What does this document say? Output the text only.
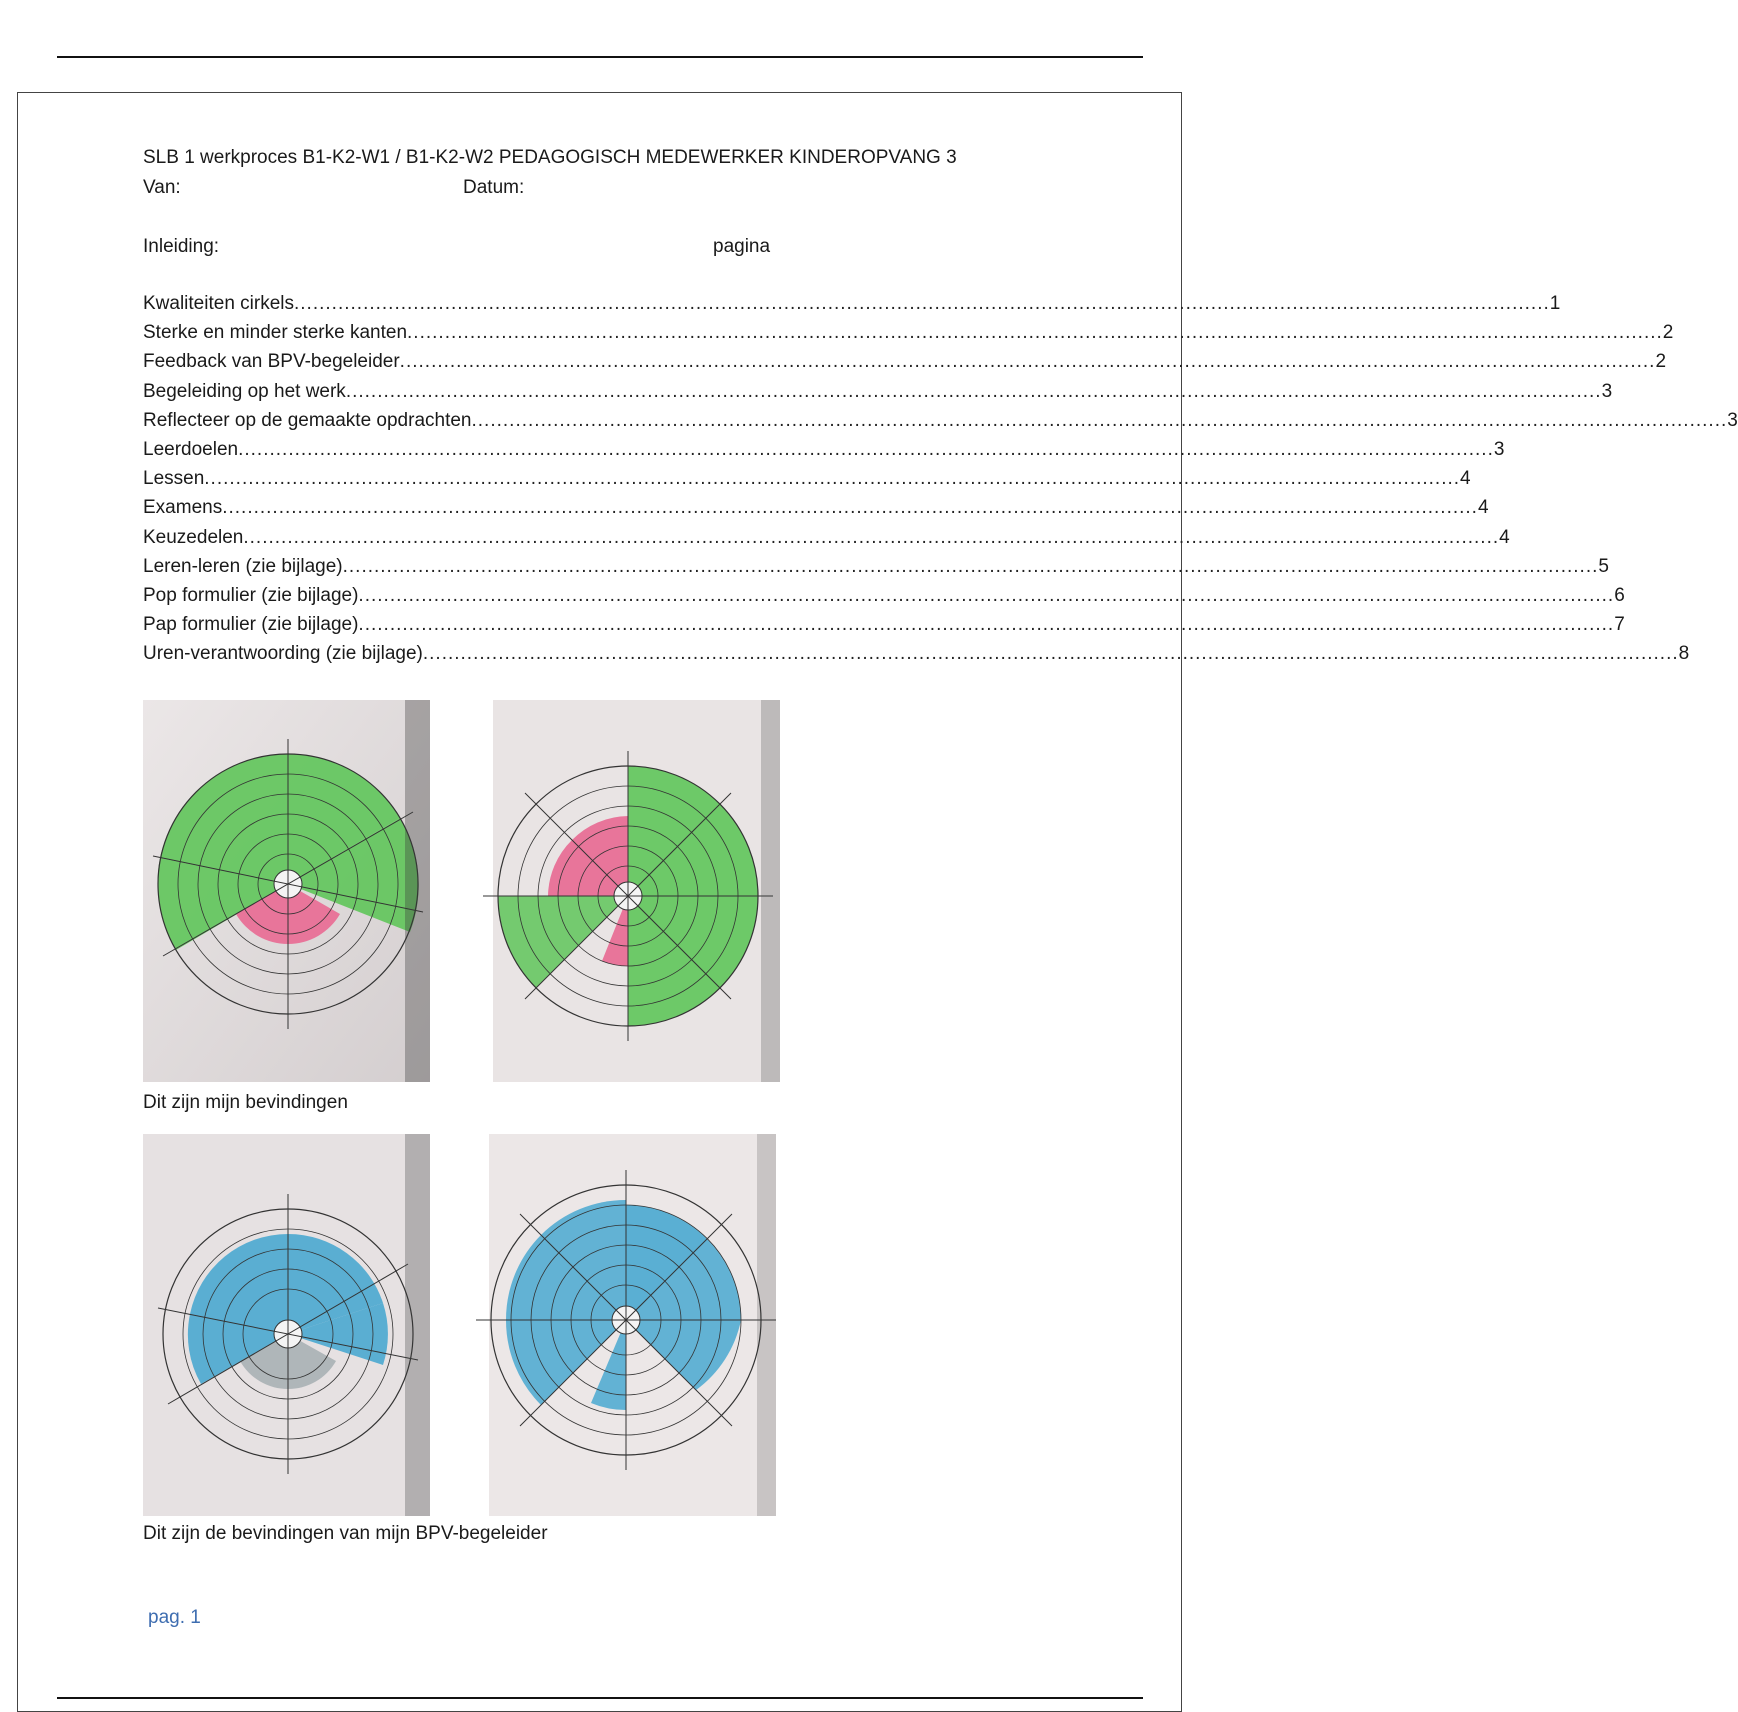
SLB 1 werkproces B1-K2-W1 / B1-K2-W2 PEDAGOGISCH MEDEWERKER KINDEROPVANG 3
Van:	Datum:
Inleiding:	pagina
Kwaliteiten cirkels ........................................................................................................................................................................................................ 1
Sterke en minder sterke kanten ........................................................................................................................................................................................................ 2
Feedback van BPV-begeleider ........................................................................................................................................................................................................ 2
Begeleiding op het werk ........................................................................................................................................................................................................ 3
Reflecteer op de gemaakte opdrachten ........................................................................................................................................................................................................ 3
Leerdoelen ........................................................................................................................................................................................................ 3
Lessen ........................................................................................................................................................................................................ 4
Examens ........................................................................................................................................................................................................ 4
Keuzedelen ........................................................................................................................................................................................................ 4
Leren-leren (zie bijlage) ........................................................................................................................................................................................................ 5
Pop formulier (zie bijlage) ........................................................................................................................................................................................................ 6
Pap formulier (zie bijlage) ........................................................................................................................................................................................................ 7
Uren-verantwoording (zie bijlage) ........................................................................................................................................................................................................ 8
Dit zijn mijn bevindingen
Dit zijn de bevindingen van mijn BPV-begeleider
pag. 1
